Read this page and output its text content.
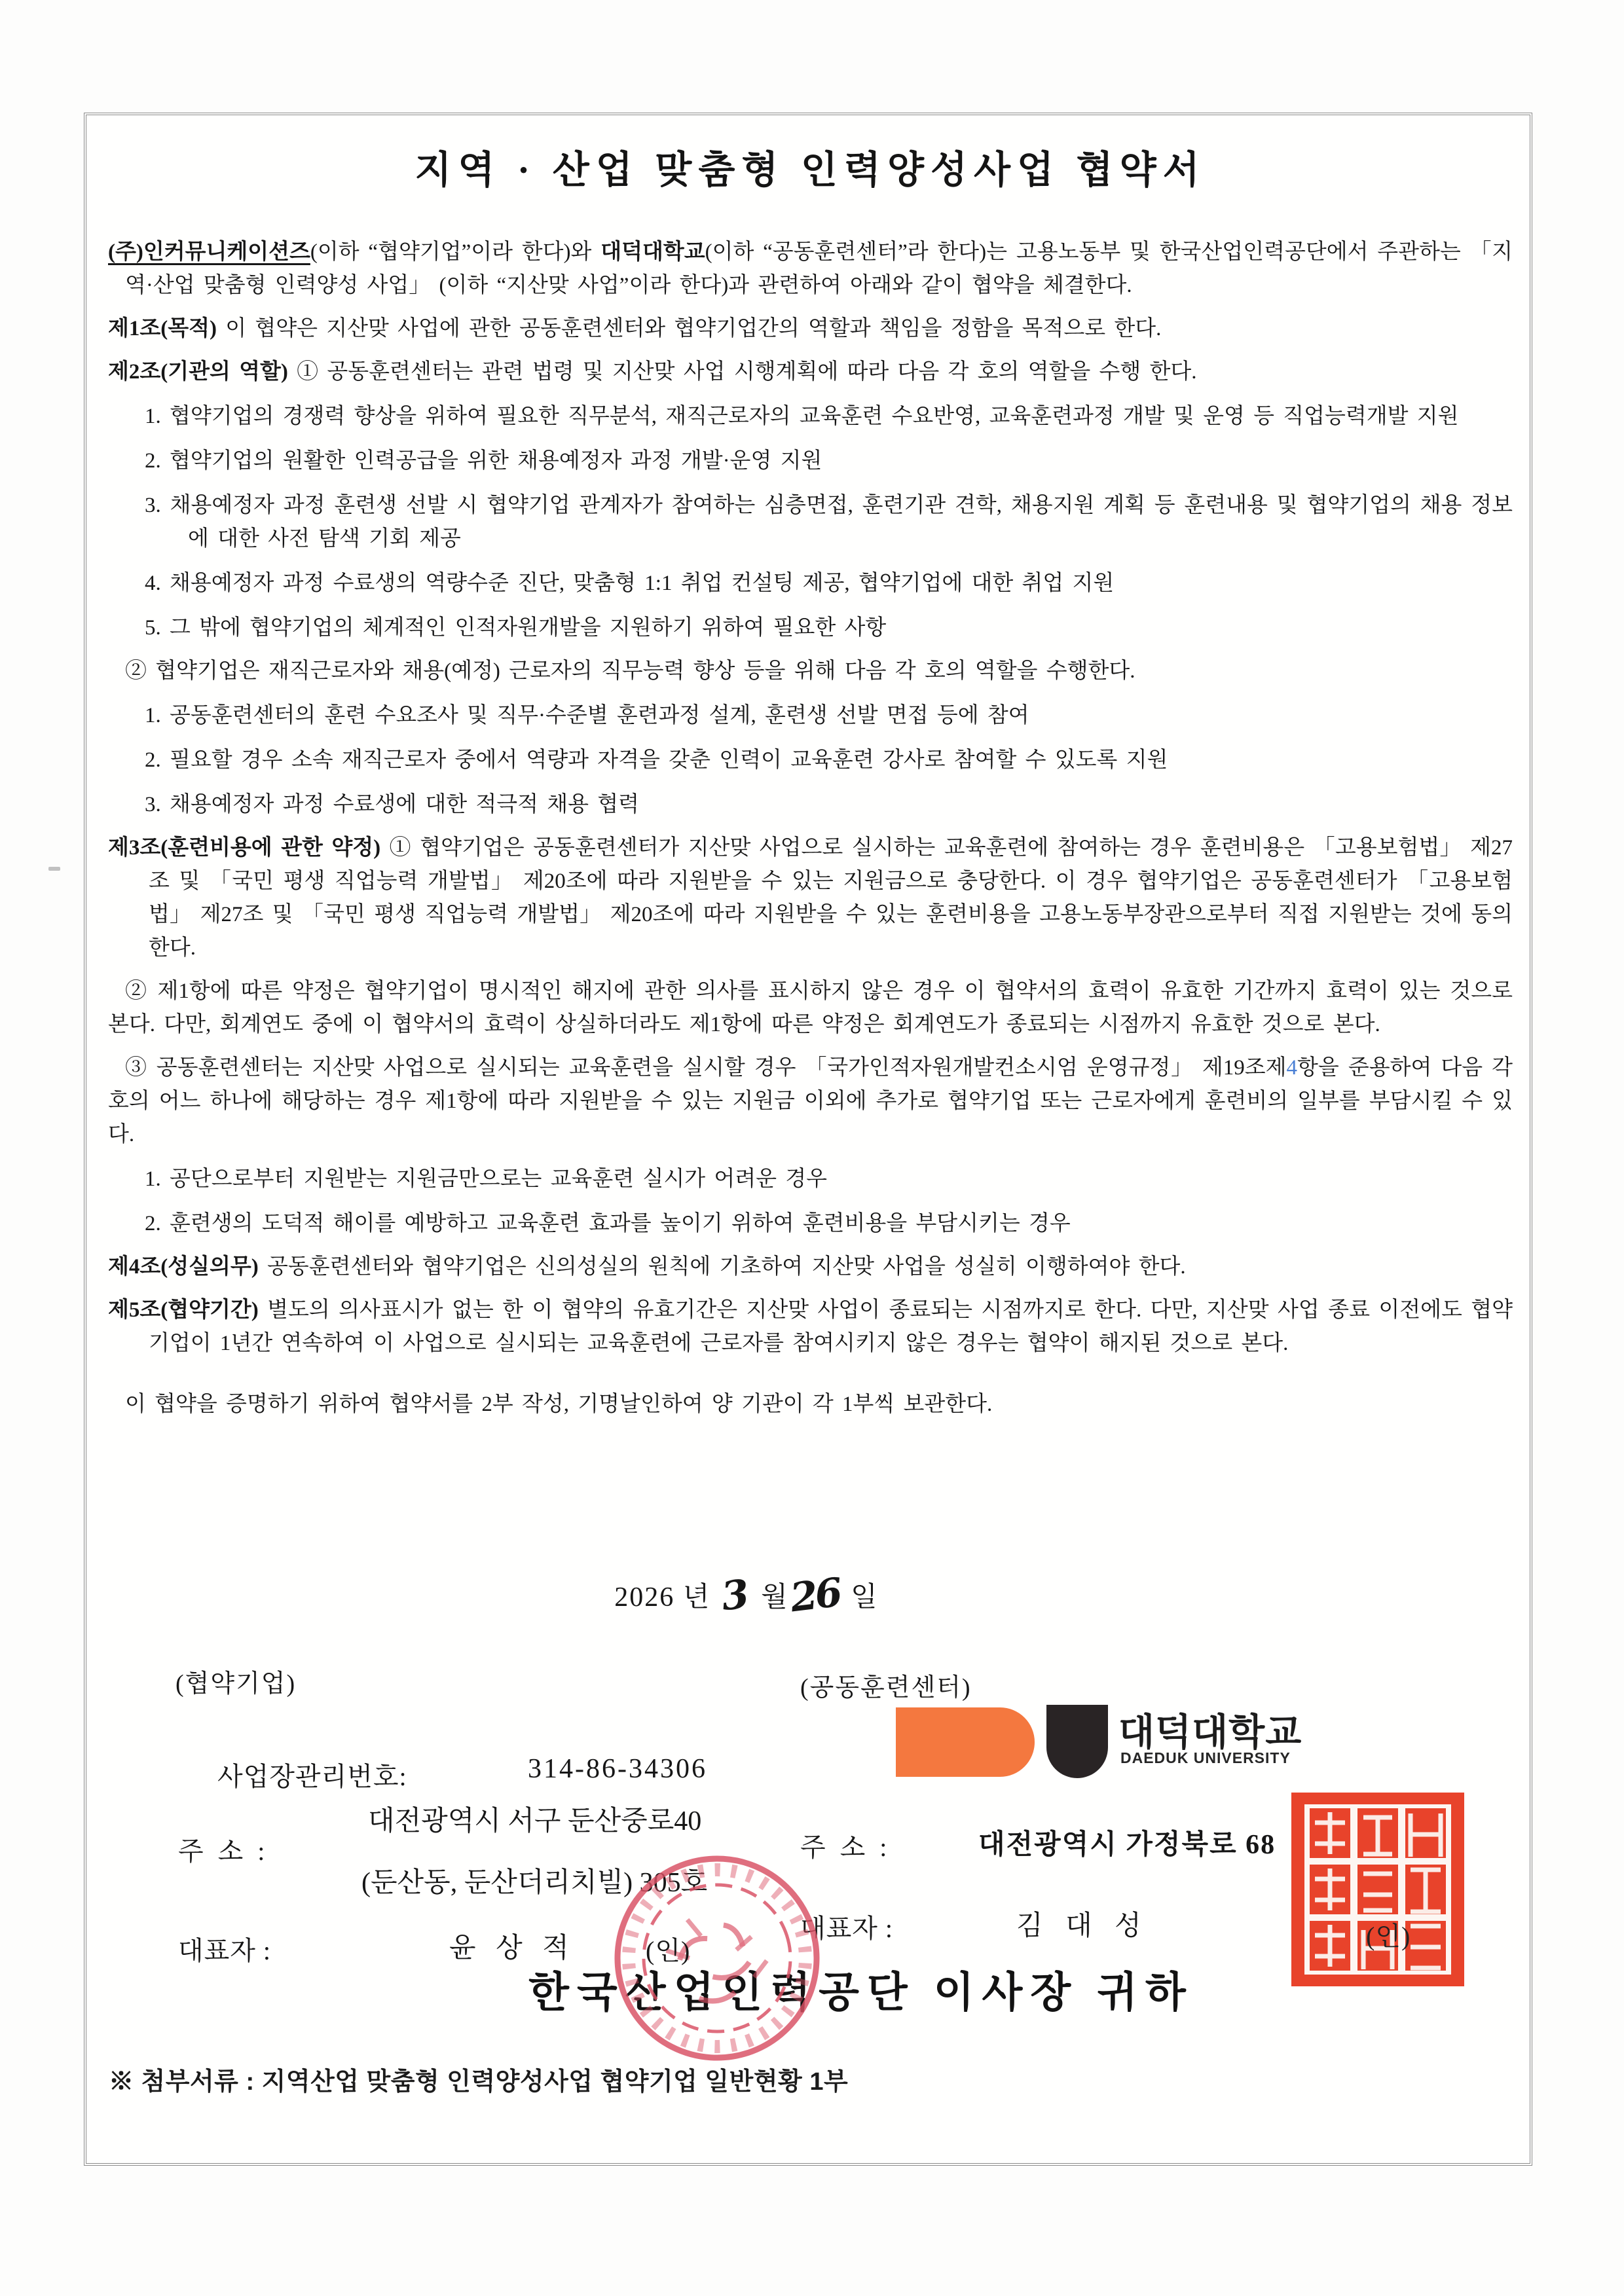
지역 · 산업 맞춤형 인력양성사업 협약서

(주)인커뮤니케이션즈(이하 “협약기업”이라 한다)와 대덕대학교(이하 “공동훈련센터”라 한다)는 고용노동부 및 한국산업인력공단에서 주관하는 「지역·산업 맞춤형 인력양성 사업」 (이하 “지산맞 사업”이라 한다)과 관련하여 아래와 같이 협약을 체결한다.

제1조(목적) 이 협약은 지산맞 사업에 관한 공동훈련센터와 협약기업간의 역할과 책임을 정함을 목적으로 한다.

제2조(기관의 역할) ① 공동훈련센터는 관련 법령 및 지산맞 사업 시행계획에 따라 다음 각 호의 역할을 수행 한다.

1. 협약기업의 경쟁력 향상을 위하여 필요한 직무분석, 재직근로자의 교육훈련 수요반영, 교육훈련과정 개발 및 운영 등 직업능력개발 지원

2. 협약기업의 원활한 인력공급을 위한 채용예정자 과정 개발·운영 지원

3. 채용예정자 과정 훈련생 선발 시 협약기업 관계자가 참여하는 심층면접, 훈련기관 견학, 채용지원 계획 등 훈련내용 및 협약기업의 채용 정보에 대한 사전 탐색 기회 제공

4. 채용예정자 과정 수료생의 역량수준 진단, 맞춤형 1:1 취업 컨설팅 제공, 협약기업에 대한 취업 지원

5. 그 밖에 협약기업의 체계적인 인적자원개발을 지원하기 위하여 필요한 사항

② 협약기업은 재직근로자와 채용(예정) 근로자의 직무능력 향상 등을 위해 다음 각 호의 역할을 수행한다.

1. 공동훈련센터의 훈련 수요조사 및 직무·수준별 훈련과정 설계, 훈련생 선발 면접 등에 참여

2. 필요할 경우 소속 재직근로자 중에서 역량과 자격을 갖춘 인력이 교육훈련 강사로 참여할 수 있도록 지원

3. 채용예정자 과정 수료생에 대한 적극적 채용 협력

제3조(훈련비용에 관한 약정) ① 협약기업은 공동훈련센터가 지산맞 사업으로 실시하는 교육훈련에 참여하는 경우 훈련비용은 「고용보험법」 제27조 및 「국민 평생 직업능력 개발법」 제20조에 따라 지원받을 수 있는 지원금으로 충당한다. 이 경우 협약기업은 공동훈련센터가 「고용보험법」 제27조 및 「국민 평생 직업능력 개발법」 제20조에 따라 지원받을 수 있는 훈련비용을 고용노동부장관으로부터 직접 지원받는 것에 동의한다.

② 제1항에 따른 약정은 협약기업이 명시적인 해지에 관한 의사를 표시하지 않은 경우 이 협약서의 효력이 유효한 기간까지 효력이 있는 것으로 본다. 다만, 회계연도 중에 이 협약서의 효력이 상실하더라도 제1항에 따른 약정은 회계연도가 종료되는 시점까지 유효한 것으로 본다.

③ 공동훈련센터는 지산맞 사업으로 실시되는 교육훈련을 실시할 경우 「국가인적자원개발컨소시엄 운영규정」 제19조제4항을 준용하여 다음 각 호의 어느 하나에 해당하는 경우 제1항에 따라 지원받을 수 있는 지원금 이외에 추가로 협약기업 또는 근로자에게 훈련비의 일부를 부담시킬 수 있다.

1. 공단으로부터 지원받는 지원금만으로는 교육훈련 실시가 어려운 경우

2. 훈련생의 도덕적 해이를 예방하고 교육훈련 효과를 높이기 위하여 훈련비용을 부담시키는 경우

제4조(성실의무) 공동훈련센터와 협약기업은 신의성실의 원칙에 기초하여 지산맞 사업을 성실히 이행하여야 한다.

제5조(협약기간) 별도의 의사표시가 없는 한 이 협약의 유효기간은 지산맞 사업이 종료되는 시점까지로 한다. 다만, 지산맞 사업 종료 이전에도 협약기업이 1년간 연속하여 이 사업으로 실시되는 교육훈련에 근로자를 참여시키지 않은 경우는 협약이 해지된 것으로 본다.

이 협약을 증명하기 위하여 협약서를 2부 작성, 기명날인하여 양 기관이 각 1부씩 보관한다.

2026 년 3 월 26 일
(협약기업)
사업장관리번호:	314-86-34306
주 소 :
대전광역시 서구 둔산중로40
(둔산동, 둔산더리치빌) 305호
대표자 :	윤 상 적	(인)
(공동훈련센터)
대덕대학교
DAEDUK UNIVERSITY
주 소 :	대전광역시 가정북로 68
대표자 :	김 대 성	(인)
한국산업인력공단 이사장 귀하
※ 첨부서류 : 지역산업 맞춤형 인력양성사업 협약기업 일반현황 1부
